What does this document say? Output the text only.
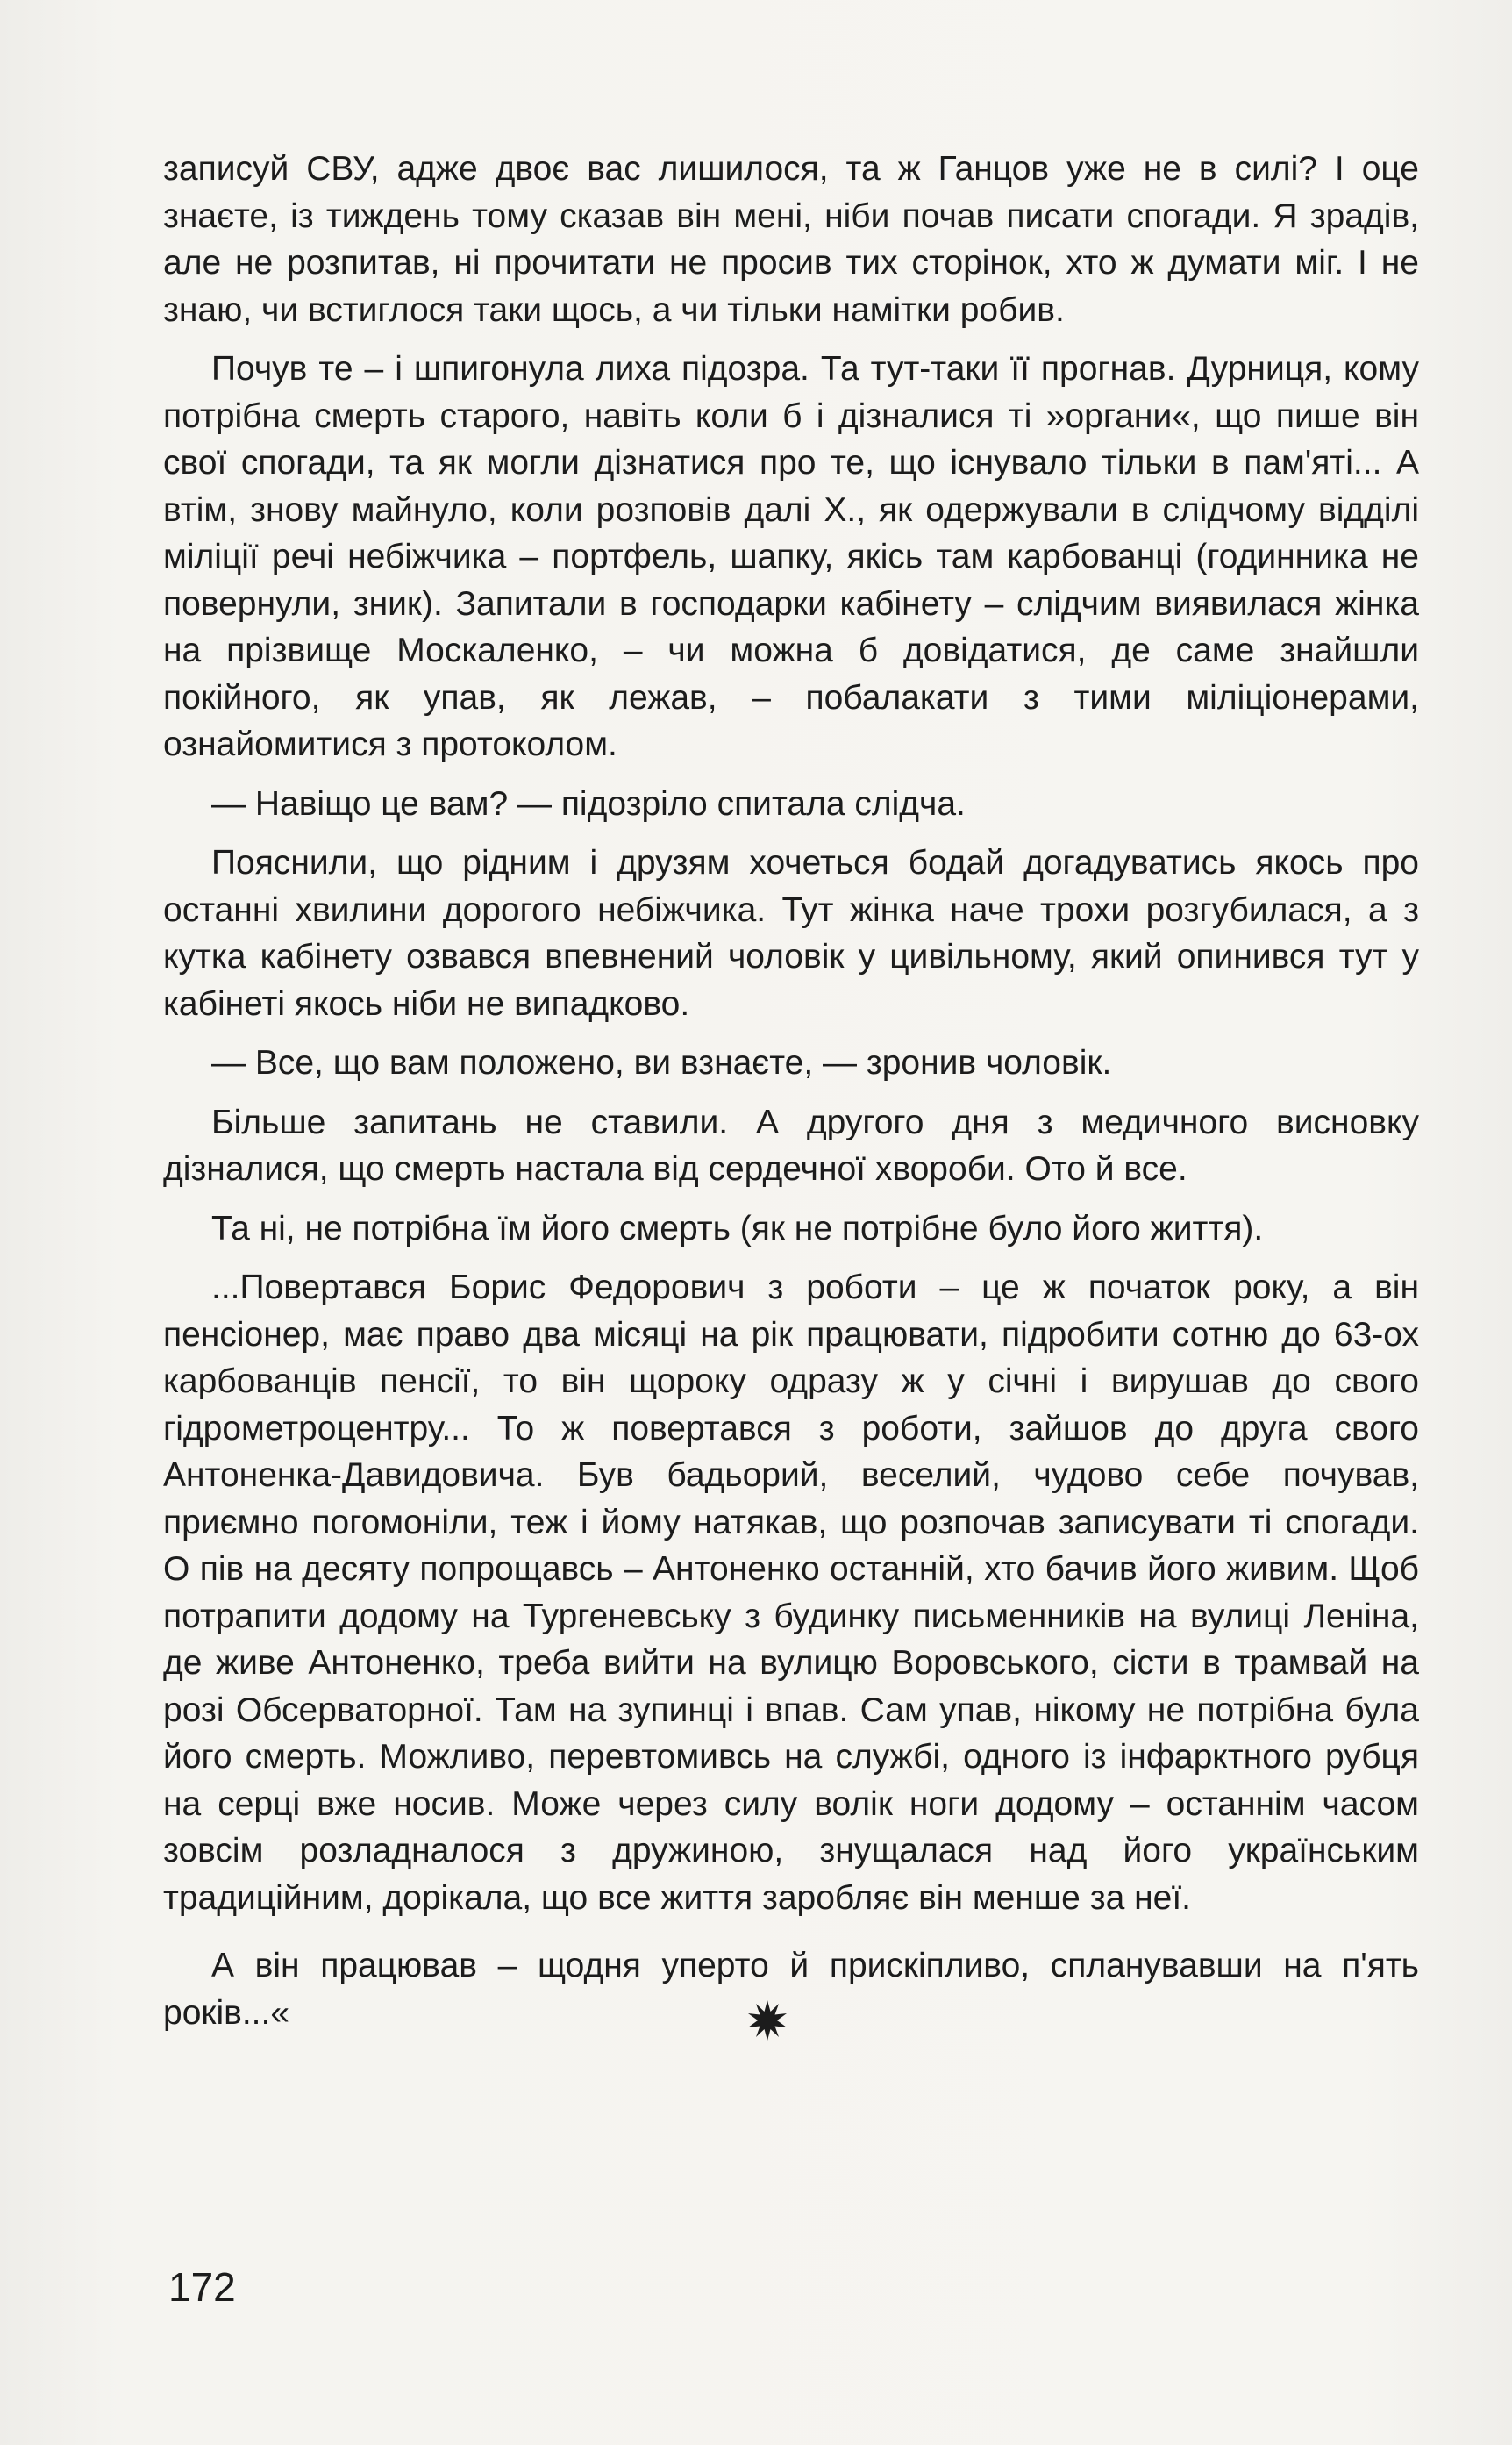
записуй СВУ, адже двоє вас лишилося, та ж Ганцов уже не в силі? І оце знаєте, із тиждень тому сказав він мені, ніби почав писати спогади. Я зрадів, але не розпитав, ні прочитати не просив тих сторінок, хто ж думати міг. І не знаю, чи встиглося таки щось, а чи тільки намітки робив.

Почув те – і шпигонула лиха підозра. Та тут-таки її прогнав. Дурниця, кому потрібна смерть старого, навіть коли б і дізналися ті »органи«, що пише він свої спогади, та як могли дізнатися про те, що існувало тільки в пам'яті... А втім, знову майнуло, коли розповів далі Х., як одержували в слідчому відділі міліції речі небіжчика – портфель, шапку, якісь там карбованці (годинника не повернули, зник). Запитали в господарки кабінету – слідчим виявилася жінка на прізвище Москаленко, – чи можна б довідатися, де саме знайшли покійного, як упав, як лежав, – побалакати з тими міліціонерами, ознайомитися з протоколом.

— Навіщо це вам? — підозріло спитала слідча.

Пояснили, що рідним і друзям хочеться бодай догадуватись якось про останні хвилини дорогого небіжчика. Тут жінка наче трохи розгубилася, а з кутка кабінету озвався впевнений чоловік у цивільному, який опинився тут у кабінеті якось ніби не випадково.

— Все, що вам положено, ви взнаєте, — зронив чоловік.

Більше запитань не ставили. А другого дня з медичного висновку дізналися, що смерть настала від сердечної хвороби. Ото й все.

Та ні, не потрібна їм його смерть (як не потрібне було його життя).

...Повертався Борис Федорович з роботи – це ж початок року, а він пенсіонер, має право два місяці на рік працювати, підробити сотню до 63-ох карбованців пенсії, то він щороку одразу ж у січні і вирушав до свого гідрометроцентру... То ж повертався з роботи, зайшов до друга свого Антоненка-Давидовича. Був бадьорий, веселий, чудово себе почував, приємно погомоніли, теж і йому натякав, що розпочав записувати ті спогади. О пів на десяту попрощавсь – Антоненко останній, хто бачив його живим. Щоб потрапити додому на Тургеневську з будинку письменників на вулиці Леніна, де живе Антоненко, треба вийти на вулицю Воровського, сісти в трамвай на розі Обсерваторної. Там на зупинці і впав. Сам упав, нікому не потрібна була його смерть. Можливо, перевтомивсь на службі, одного із інфарктного рубця на серці вже носив. Може через силу волік ноги додому – останнім часом зовсім розладналося з дружиною, знущалася над його українським традиційним, дорікала, що все життя заробляє він менше за неї.

А він працював – щодня уперто й прискіпливо, спланувавши на п'ять років...«

172
